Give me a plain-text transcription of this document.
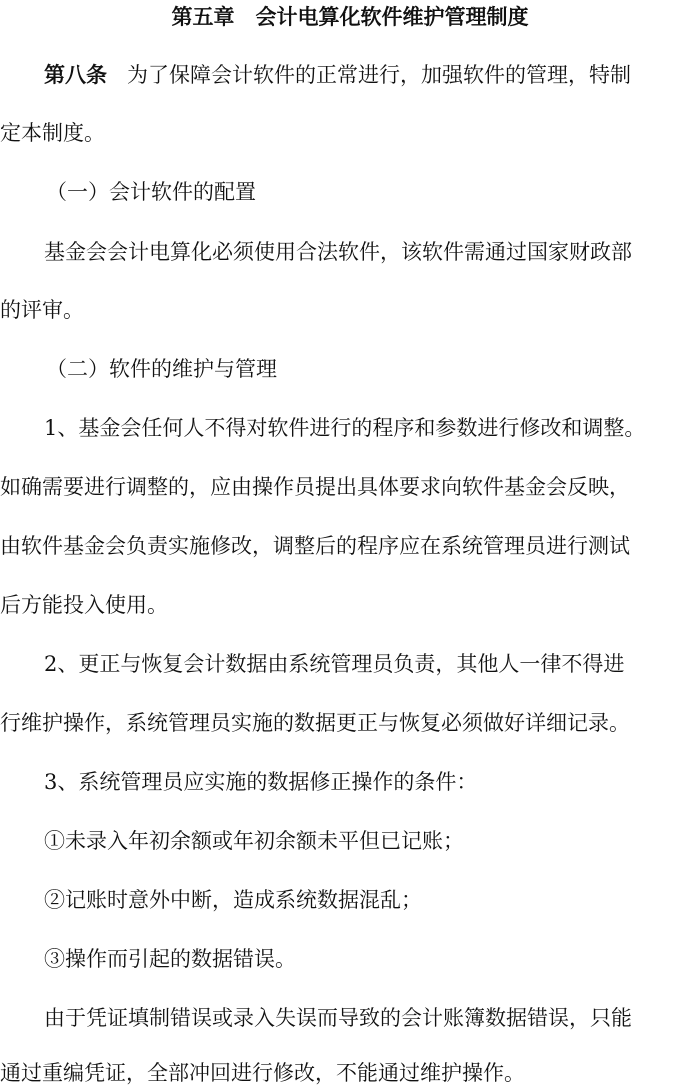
第五章　会计电算化软件维护管理制度
第八条 为了保障会计软件的正常进行，加强软件的管理，特制
定本制度。
（一）会计软件的配置
基金会会计电算化必须使用合法软件，该软件需通过国家财政部
的评审。
（二）软件的维护与管理
1、基金会任何人不得对软件进行的程序和参数进行修改和调整。
如确需要进行调整的，应由操作员提出具体要求向软件基金会反映，
由软件基金会负责实施修改，调整后的程序应在系统管理员进行测试
后方能投入使用。
2、更正与恢复会计数据由系统管理员负责，其他人一律不得进
行维护操作，系统管理员实施的数据更正与恢复必须做好详细记录。
3、系统管理员应实施的数据修正操作的条件：
①未录入年初余额或年初余额未平但已记账；
②记账时意外中断，造成系统数据混乱；
③操作而引起的数据错误。
由于凭证填制错误或录入失误而导致的会计账簿数据错误，只能
通过重编凭证，全部冲回进行修改，不能通过维护操作。
